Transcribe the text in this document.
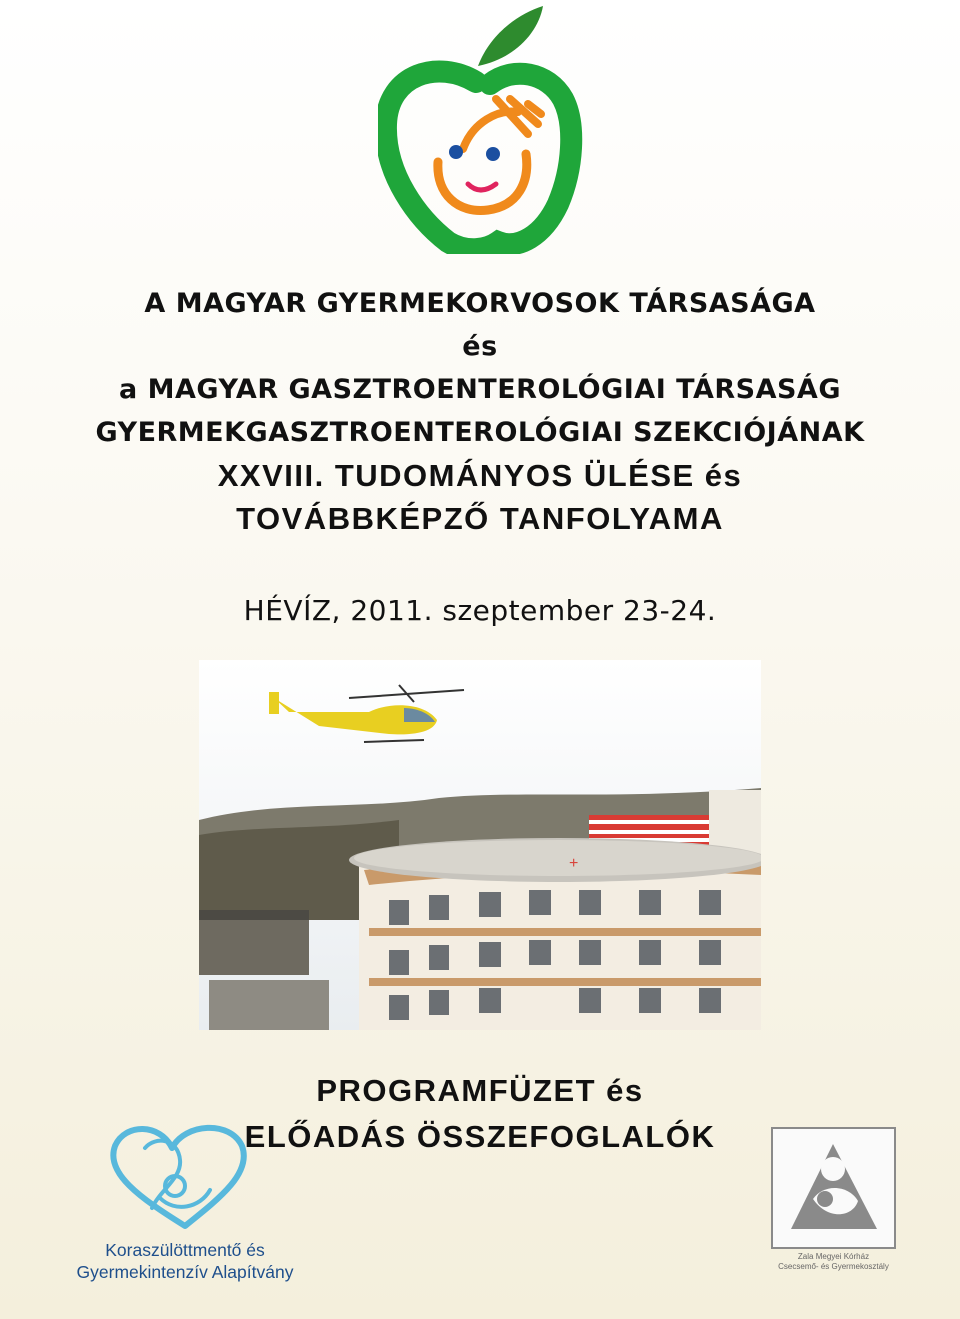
A MAGYAR GYERMEKORVOSOK TÁRSASÁGA
és
a MAGYAR GASZTROENTEROLÓGIAI TÁRSASÁG
GYERMEKGASZTROENTEROLÓGIAI SZEKCIÓJÁNAK
XXVIII. TUDOMÁNYOS ÜLÉSE és
TOVÁBBKÉPZŐ TANFOLYAMA
HÉVÍZ, 2011. szeptember 23-24.
+
PROGRAMFÜZET és
ELŐADÁS ÖSSZEFOGLALÓK
Koraszülöttmentő és
Gyermekintenzív Alapítvány
Zala Megyei Kórház
Csecsemő- és Gyermekosztály
